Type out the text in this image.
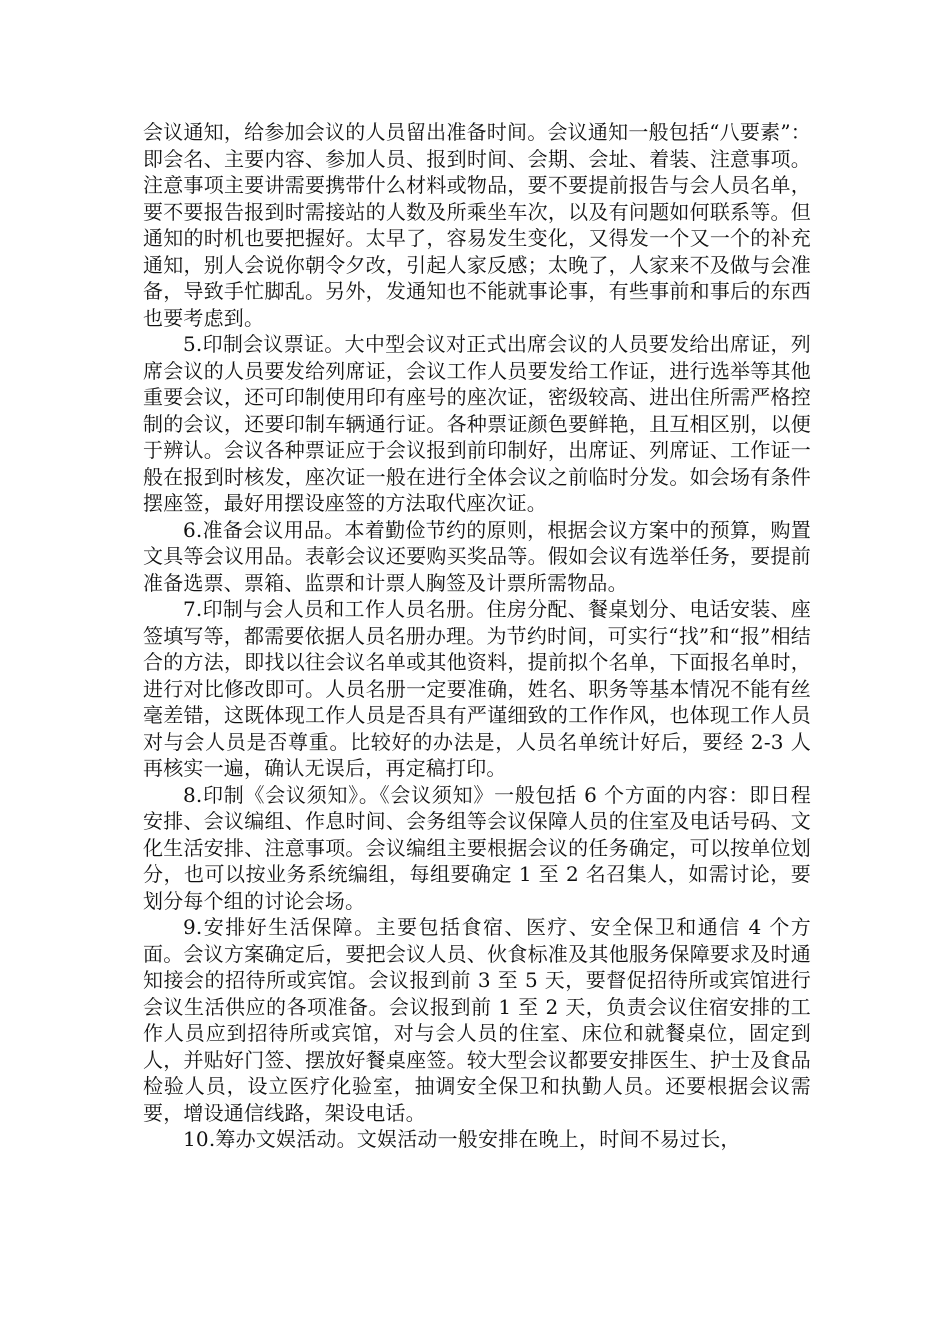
会议通知，给参加会议的人员留出准备时间。会议通知一般包括“八要素”：即会名、主要内容、参加人员、报到时间、会期、会址、着装、注意事项。注意事项主要讲需要携带什么材料或物品，要不要提前报告与会人员名单，要不要报告报到时需接站的人数及所乘坐车次，以及有问题如何联系等。但通知的时机也要把握好。太早了，容易发生变化，又得发一个又一个的补充通知，别人会说你朝令夕改，引起人家反感；太晚了，人家来不及做与会准备，导致手忙脚乱。另外，发通知也不能就事论事，有些事前和事后的东西也要考虑到。

5.印制会议票证。大中型会议对正式出席会议的人员要发给出席证，列席会议的人员要发给列席证，会议工作人员要发给工作证，进行选举等其他重要会议，还可印制使用印有座号的座次证，密级较高、进出住所需严格控制的会议，还要印制车辆通行证。各种票证颜色要鲜艳，且互相区别，以便于辨认。会议各种票证应于会议报到前印制好，出席证、列席证、工作证一般在报到时核发，座次证一般在进行全体会议之前临时分发。如会场有条件摆座签，最好用摆设座签的方法取代座次证。

6.准备会议用品。本着勤俭节约的原则，根据会议方案中的预算，购置文具等会议用品。表彰会议还要购买奖品等。假如会议有选举任务，要提前准备选票、票箱、监票和计票人胸签及计票所需物品。

7.印制与会人员和工作人员名册。住房分配、餐桌划分、电话安装、座签填写等，都需要依据人员名册办理。为节约时间，可实行“找”和“报”相结合的方法，即找以往会议名单或其他资料，提前拟个名单，下面报名单时，进行对比修改即可。人员名册一定要准确，姓名、职务等基本情况不能有丝毫差错，这既体现工作人员是否具有严谨细致的工作作风，也体现工作人员对与会人员是否尊重。比较好的办法是，人员名单统计好后，要经 2-3 人再核实一遍，确认无误后，再定稿打印。

8.印制《会议须知》。《会议须知》一般包括 6 个方面的内容：即日程安排、会议编组、作息时间、会务组等会议保障人员的住室及电话号码、文化生活安排、注意事项。会议编组主要根据会议的任务确定，可以按单位划分，也可以按业务系统编组，每组要确定 1 至 2 名召集人，如需讨论，要划分每个组的讨论会场。

9.安排好生活保障。主要包括食宿、医疗、安全保卫和通信 4 个方面。会议方案确定后，要把会议人员、伙食标准及其他服务保障要求及时通知接会的招待所或宾馆。会议报到前 3 至 5 天，要督促招待所或宾馆进行会议生活供应的各项准备。会议报到前 1 至 2 天，负责会议住宿安排的工作人员应到招待所或宾馆，对与会人员的住室、床位和就餐桌位，固定到人，并贴好门签、摆放好餐桌座签。较大型会议都要安排医生、护士及食品检验人员，设立医疗化验室，抽调安全保卫和执勤人员。还要根据会议需要，增设通信线路，架设电话。

10.筹办文娱活动。文娱活动一般安排在晚上，时间不易过长，
